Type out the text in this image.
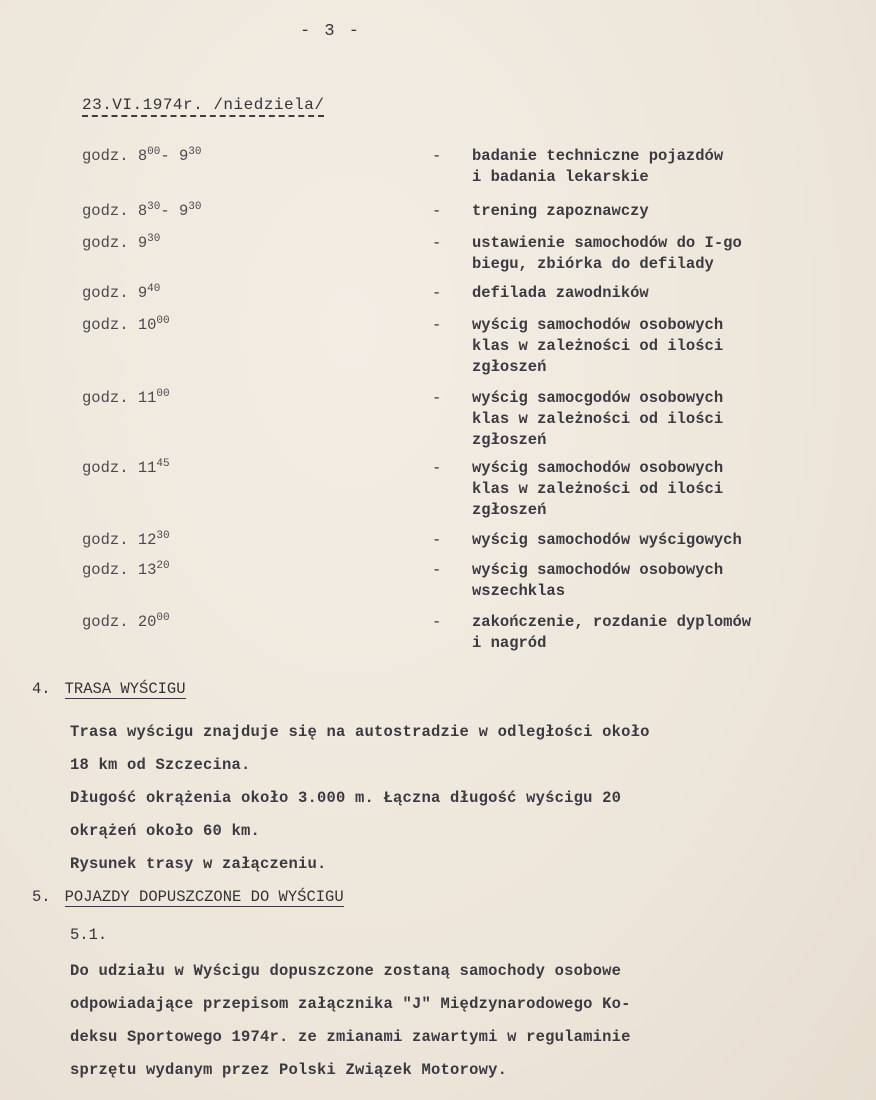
- 3 -
23.VI.1974r. /niedziela/
godz. $8^{00}-$ $9^{30}$	- badanie techniczne pojazdów
i badania lekarskie
godz. $8^{30}-$ $9^{30}$	- trening zapoznawczy
godz. $9^{30}$	- ustawienie samochodów do I-go
biegu, zbiórka do defilady
godz. $9^{40}$	- defilada zawodników
godz. $10^{00}$	- wyścig samochodów osobowych
klas w zależności od ilości
zgłoszeń
godz. $11^{00}$	- wyścig samocgodów osobowych
klas w zależności od ilości
zgłoszeń
godz. $11^{45}$	- wyścig samochodów osobowych
klas w zależności od ilości
zgłoszeń
godz. $12^{30}$	- wyścig samochodów wyścigowych
godz. $13^{20}$	- wyścig samochodów osobowych
wszechklas
godz. $20^{00}$	- zakończenie, rozdanie dyplomów
i nagród
4. TRASA WYŚCIGU
Trasa wyścigu znajduje się na autostradzie w odległości około
18 km od Szczecina.
Długość okrążenia około 3.000 m. Łączna długość wyścigu 20
okrążeń około 60 km.
Rysunek trasy w załączeniu.
5. POJAZDY DOPUSZCZONE DO WYŚCIGU
5.1.
Do udziału w Wyścigu dopuszczone zostaną samochody osobowe
odpowiadające przepisom załącznika "J" Międzynarodowego Ko-
deksu Sportowego 1974r. ze zmianami zawartymi w regulaminie
sprzętu wydanym przez Polski Związek Motorowy.
